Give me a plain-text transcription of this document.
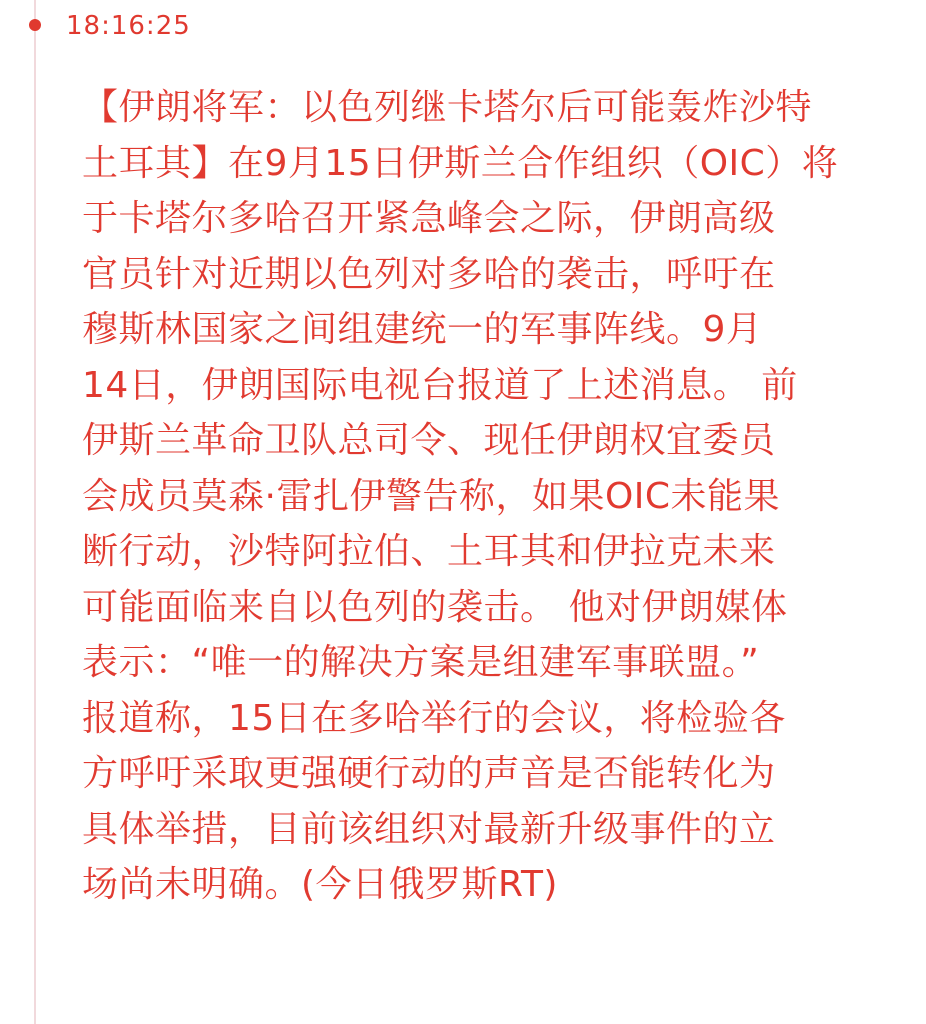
18:16:25
【伊朗将军：以色列继卡塔尔后可能轰炸沙特
土耳其】在9月15日伊斯兰合作组织（OIC）将
于卡塔尔多哈召开紧急峰会之际，伊朗高级
官员针对近期以色列对多哈的袭击，呼吁在
穆斯林国家之间组建统一的军事阵线。9月
14日，伊朗国际电视台报道了上述消息。 前
伊斯兰革命卫队总司令、现任伊朗权宜委员
会成员莫森·雷扎伊警告称，如果OIC未能果
断行动，沙特阿拉伯、土耳其和伊拉克未来
可能面临来自以色列的袭击。 他对伊朗媒体
表示：“唯一的解决方案是组建军事联盟。”
报道称，15日在多哈举行的会议，将检验各
方呼吁采取更强硬行动的声音是否能转化为
具体举措，目前该组织对最新升级事件的立
场尚未明确。(今日俄罗斯RT)
